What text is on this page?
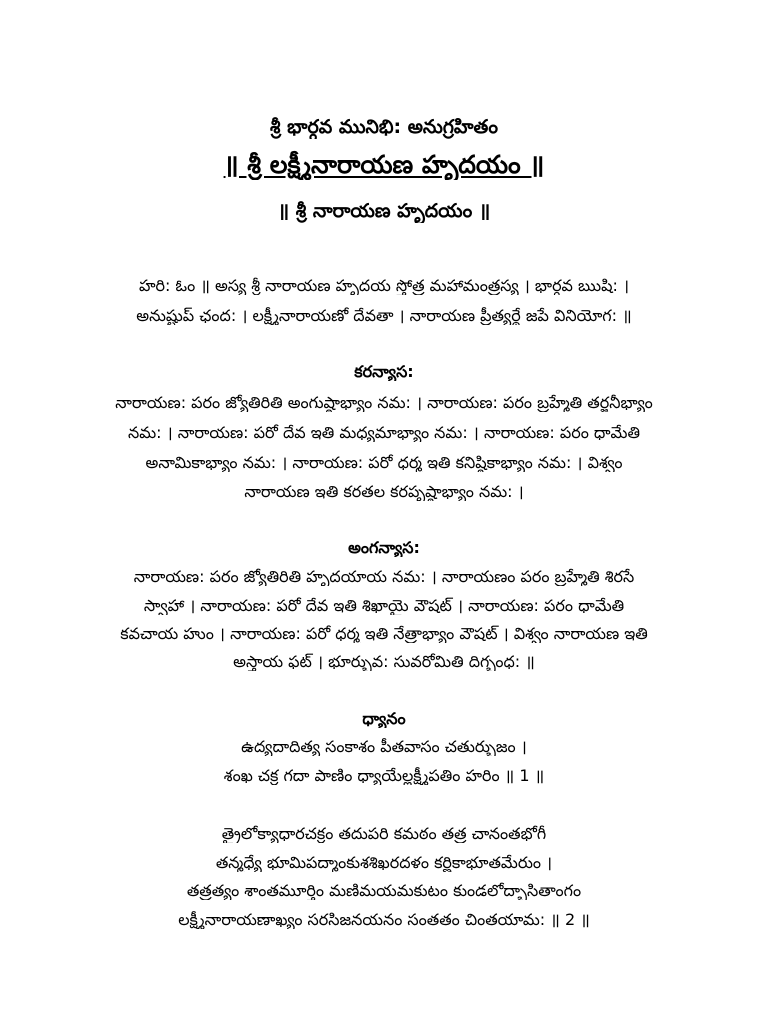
శ్రీ భార్గవ మునిభి: అనుగ్రహితం
॥ శ్రీ లక్ష్మీనారాయణ హృదయం ॥
॥ శ్రీ నారాయణ హృదయం ॥
హరి: ఓం ॥ అస్య శ్రీ నారాయణ హృదయ స్తోత్ర మహామంత్రస్య । భార్గవ ఋషి: ।
అనుష్టుప్ ఛంద: । లక్ష్మీనారాయణో దేవతా । నారాయణ ప్రీత్యర్థే జపే వినియోగ: ॥
కరన్యాస:
నారాయణ: పరం జ్యోతిరితి అంగుష్ఠాభ్యాం నమ: । నారాయణ: పరం బ్రహ్మేతి తర్జనీభ్యాం
నమ: । నారాయణ: పరో దేవ ఇతి మధ్యమాభ్యాం నమ: । నారాయణ: పరం ధామేతి
అనామికాభ్యాం నమ: । నారాయణ: పరో ధర్మ ఇతి కనిష్ఠికాభ్యాం నమ: । విశ్వం
నారాయణ ఇతి కరతల కరపృష్ఠాభ్యాం నమ: ।
అంగన్యాస:
నారాయణ: పరం జ్యోతిరితి హృదయాయ నమ: । నారాయణం పరం బ్రహ్మేతి శిరసే
స్వాహా । నారాయణ: పరో దేవ ఇతి శిఖాయై వౌషట్ । నారాయణ: పరం ధామేతి
కవచాయ హుం । నారాయణ: పరో ధర్మ ఇతి నేత్రాభ్యాం వౌషట్ । విశ్వం నారాయణ ఇతి
అస్త్రాయ ఫట్ । భూర్భువ: సువరోమితి దిగ్బంధ: ॥
ధ్యానం
ఉద్యదాదిత్య సంకాశం పీతవాసం చతుర్భుజం ।
శంఖ చక్ర గదా పాణిం ధ్యాయేల్లక్ష్మీపతిం హరిం ॥ 1 ॥
త్రైలోక్యాధారచక్రం తదుపరి కమఠం తత్ర చానంతభోగీ
తన్మధ్యే భూమిపద్మాంకుశశిఖరదళం కర్ణికాభూతమేరుం ।
తత్రత్యం శాంతమూర్తిం మణిమయమకుటం కుండలోద్భాసితాంగం
లక్ష్మీనారాయణాఖ్యం సరసిజనయనం సంతతం చింతయామ: ॥ 2 ॥
